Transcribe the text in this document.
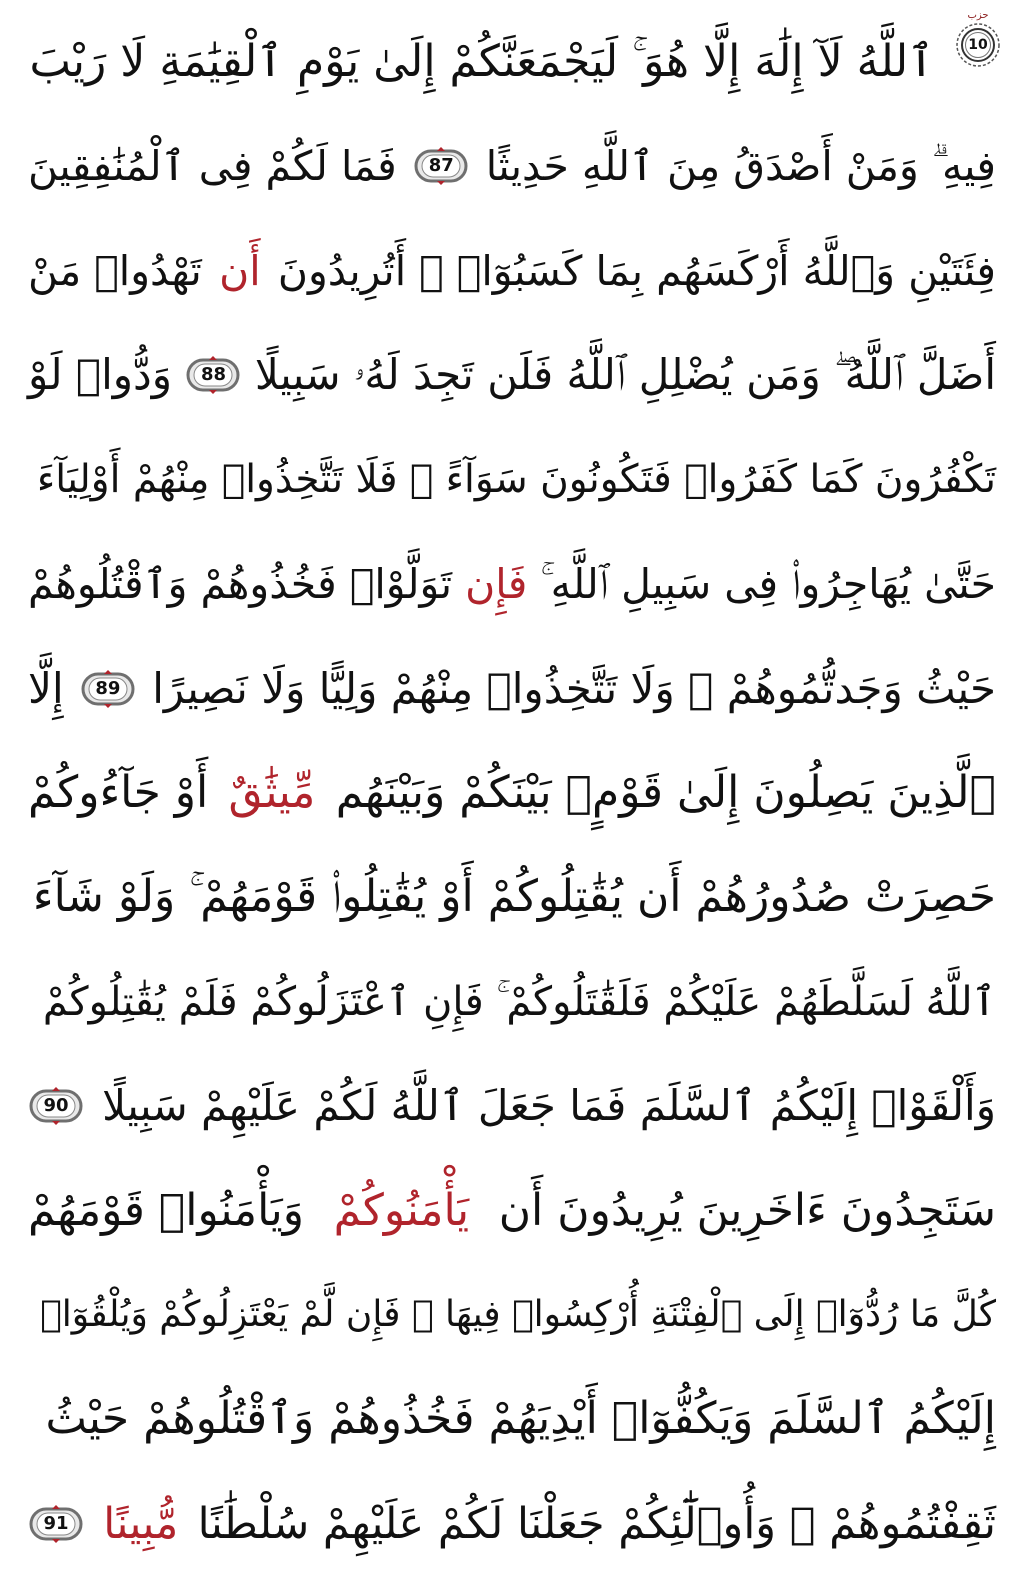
حزب
10
ٱللَّهُ لَآ إِلَٰهَ إِلَّا هُوَ ۚ لَيَجْمَعَنَّكُمْ إِلَىٰ يَوْمِ ٱلْقِيَٰمَةِ لَا رَيْبَ
فِيهِ ۗ وَمَنْ أَصْدَقُ مِنَ ٱللَّهِ حَدِيثًا
87
فَمَا لَكُمْ فِى ٱلْمُنَٰفِقِينَ
فِئَتَيْنِ وَٱللَّهُ أَرْكَسَهُم بِمَا كَسَبُوٓا۟ ۚ أَتُرِيدُونَ
أَن
تَهْدُوا۟ مَنْ
أَضَلَّ ٱللَّهُ ۖ وَمَن
يُضْلِلِ
ٱللَّهُ فَلَن تَجِدَ لَهُۥ سَبِيلًا
88
وَدُّوا۟ لَوْ
تَكْفُرُونَ كَمَا كَفَرُوا۟ فَتَكُونُونَ سَوَآءً ۖ فَلَا تَتَّخِذُوا۟ مِنْهُمْ أَوْلِيَآءَ
حَتَّىٰ يُهَاجِرُوا۟ فِى سَبِيلِ ٱللَّهِ ۚ
فَإِن
تَوَلَّوْا۟ فَخُذُوهُمْ وَٱقْتُلُوهُمْ
حَيْثُ وَجَدتُّمُوهُمْ ۖ وَلَا تَتَّخِذُوا۟ مِنْهُمْ وَلِيًّا وَلَا نَصِيرًا
89
إِلَّا
ٱلَّذِينَ يَصِلُونَ إِلَىٰ قَوْمٍۭ بَيْنَكُمْ وَبَيْنَهُم
مِّيثَٰقٌ
أَوْ جَآءُوكُمْ
حَصِرَتْ صُدُورُهُمْ أَن يُقَٰتِلُوكُمْ أَوْ يُقَٰتِلُوا۟ قَوْمَهُمْ ۚ وَلَوْ شَآءَ
ٱللَّهُ لَسَلَّطَهُمْ عَلَيْكُمْ فَلَقَٰتَلُوكُمْ ۚ فَإِنِ ٱعْتَزَلُوكُمْ فَلَمْ يُقَٰتِلُوكُمْ
وَأَلْقَوْا۟ إِلَيْكُمُ ٱلسَّلَمَ فَمَا جَعَلَ ٱللَّهُ لَكُمْ عَلَيْهِمْ سَبِيلًا
90
سَتَجِدُونَ ءَاخَرِينَ يُرِيدُونَ أَن
يَأْمَنُوكُمْ
وَيَأْمَنُوا۟ قَوْمَهُمْ
كُلَّ مَا رُدُّوٓا۟ إِلَى ٱلْفِتْنَةِ أُرْكِسُوا۟ فِيهَا ۚ فَإِن لَّمْ يَعْتَزِلُوكُمْ وَيُلْقُوٓا۟
إِلَيْكُمُ ٱلسَّلَمَ وَيَكُفُّوٓا۟ أَيْدِيَهُمْ فَخُذُوهُمْ وَٱقْتُلُوهُمْ حَيْثُ
ثَقِفْتُمُوهُمْ ۚ وَأُو۟لَٰٓئِكُمْ جَعَلْنَا لَكُمْ عَلَيْهِمْ سُلْطَٰنًا
مُّبِينًا
91
